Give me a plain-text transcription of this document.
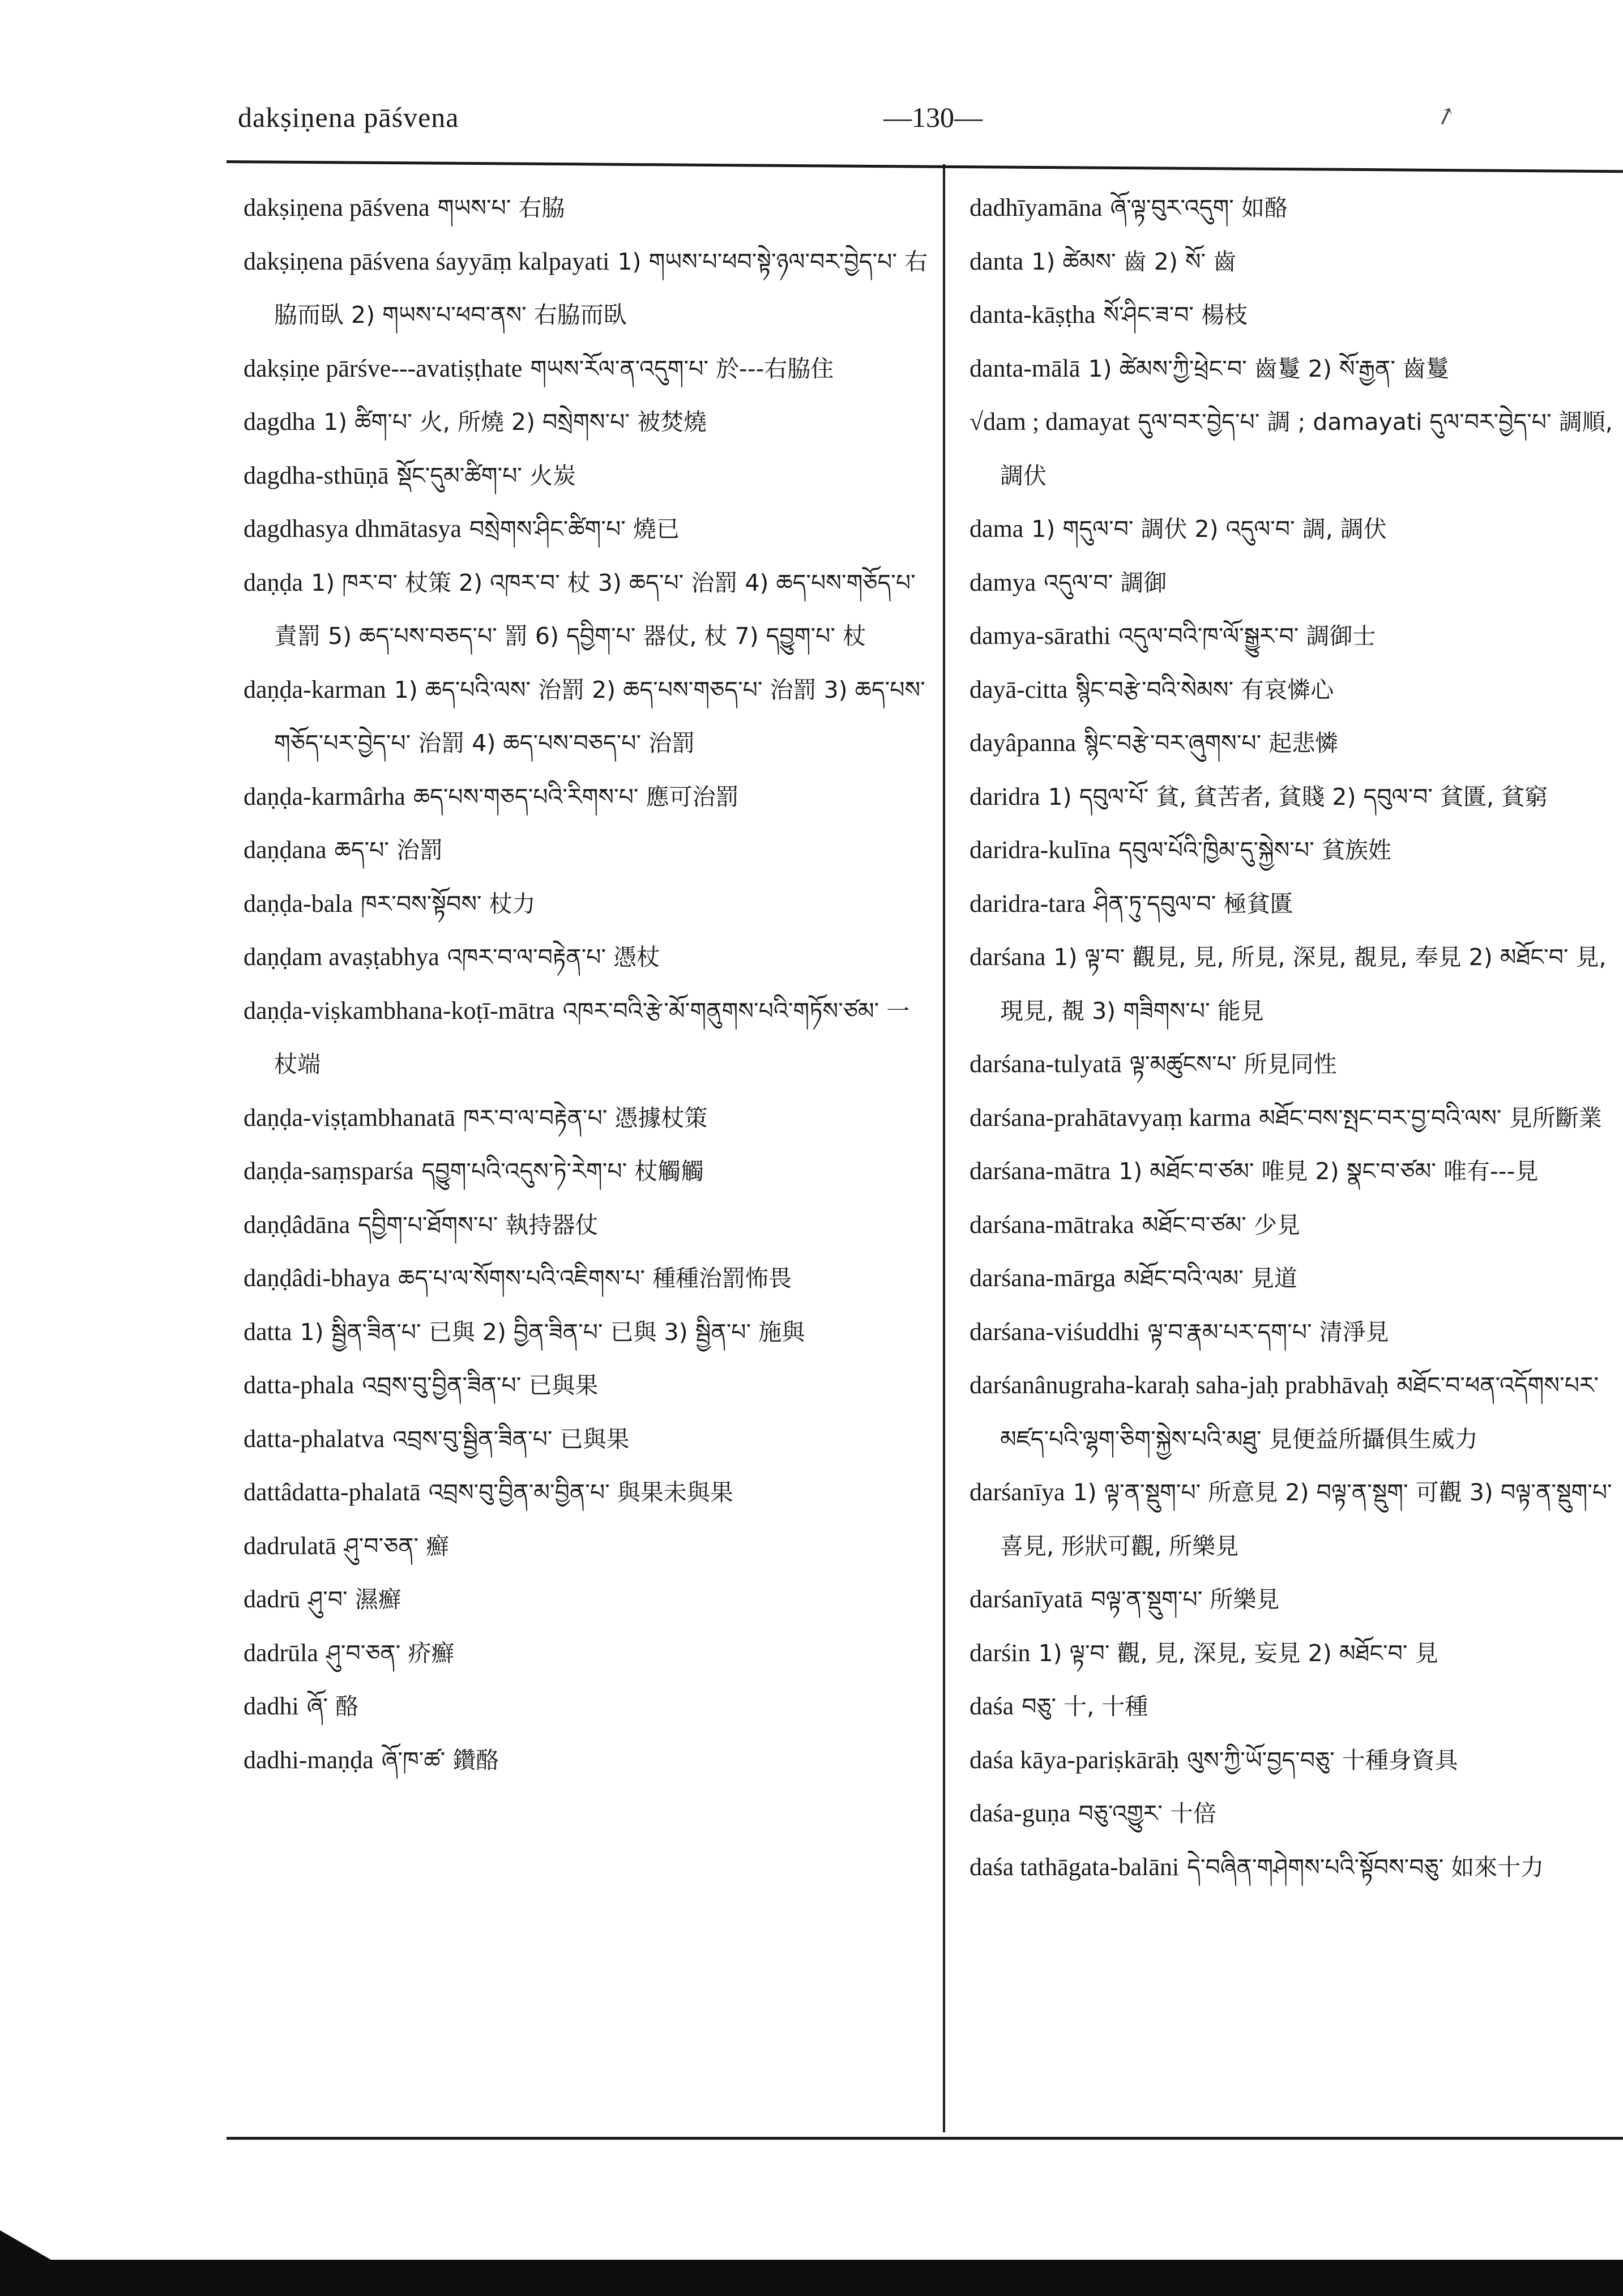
dakṣiṇena pāśvena	—130—	↗

dakṣiṇena pāśvena གཡས་པ་ 右脇

dakṣiṇena pāśvena śayyāṃ kalpayati 1) གཡས་པ་ཕབ་སྟེ་ཉལ་བར་བྱེད་པ་ 右脇而臥 2) གཡས་པ་ཕབ་ནས་ 右脇而臥

dakṣiṇe pārśve---avatiṣṭhate གཡས་རོལ་ན་འདུག་པ་ 於---右脇住

dagdha 1) ཚིག་པ་ 火, 所燒 2) བསྲེགས་པ་ 被焚燒

dagdha-sthūṇā སྡོང་དུམ་ཚིག་པ་ 火炭

dagdhasya dhmātasya བསྲེགས་ཤིང་ཚིག་པ་ 燒已

daṇḍa 1) ཁར་བ་ 杖策 2) འཁར་བ་ 杖 3) ཆད་པ་ 治罰 4) ཆད་པས་གཅོད་པ་ 責罰 5) ཆད་པས་བཅད་པ་ 罰 6) དབྱིག་པ་ 器仗, 杖 7) དབྱུག་པ་ 杖

daṇḍa-karman 1) ཆད་པའི་ལས་ 治罰 2) ཆད་པས་གཅད་པ་ 治罰 3) ཆད་པས་གཅོད་པར་བྱེད་པ་ 治罰 4) ཆད་པས་བཅད་པ་ 治罰

daṇḍa-karmârha ཆད་པས་གཅད་པའི་རིགས་པ་ 應可治罰

daṇḍana ཆད་པ་ 治罰

daṇḍa-bala ཁར་བས་སྟོབས་ 杖力

daṇḍam avaṣṭabhya འཁར་བ་ལ་བརྟེན་པ་ 憑杖

daṇḍa-viṣkambhana-koṭī-mātra འཁར་བའི་རྩེ་མོ་གནུགས་པའི་གཏོས་ཙམ་ 一杖端

daṇḍa-viṣṭambhanatā ཁར་བ་ལ་བརྟེན་པ་ 憑據杖策

daṇḍa-saṃsparśa དབྱུག་པའི་འདུས་ཏེ་རེག་པ་ 杖觸觸

daṇḍâdāna དབྱིག་པ་ཐོགས་པ་ 執持器仗

daṇḍâdi-bhaya ཆད་པ་ལ་སོགས་པའི་འཇིགས་པ་ 種種治罰怖畏

datta 1) སྦྱིན་ཟིན་པ་ 已與 2) བྱིན་ཟིན་པ་ 已與 3) སྦྱིན་པ་ 施與

datta-phala འབྲས་བུ་བྱིན་ཟིན་པ་ 已與果

datta-phalatva འབྲས་བུ་སྦྱིན་ཟིན་པ་ 已與果

dattâdatta-phalatā འབྲས་བུ་བྱིན་མ་བྱིན་པ་ 與果未與果

dadrulatā ཤུ་བ་ཅན་ 癬

dadrū ཤུ་བ་ 濕癬

dadrūla ཤུ་བ་ཅན་ 疥癬

dadhi ཞོ་ 酪

dadhi-maṇḍa ཞོ་ཁ་ཚ་ 鑽酪

dadhīyamāna ཞོ་ལྟ་བུར་འདུག་ 如酪

danta 1) ཚེམས་ 齒 2) སོ་ 齒

danta-kāṣṭha སོ་ཤིང་ཟ་བ་ 楊枝

danta-mālā 1) ཚེམས་ཀྱི་ཕྲེང་བ་ 齒鬘 2) སོ་རྒྱན་ 齒鬘

√dam ; damayat དུལ་བར་བྱེད་པ་ 調 ; damayati དུལ་བར་བྱེད་པ་ 調順, 調伏

dama 1) གདུལ་བ་ 調伏 2) འདུལ་བ་ 調, 調伏

damya འདུལ་བ་ 調御

damya-sārathi འདུལ་བའི་ཁ་ལོ་སྒྱུར་བ་ 調御士

dayā-citta སྙིང་བརྩེ་བའི་སེམས་ 有哀憐心

dayâpanna སྙིང་བརྩེ་བར་ཞུགས་པ་ 起悲憐

daridra 1) དབུལ་པོ་ 貧, 貧苦者, 貧賤 2) དབུལ་བ་ 貧匱, 貧窮

daridra-kulīna དབུལ་པོའི་ཁྱིམ་དུ་སྐྱེས་པ་ 貧族姓

daridra-tara ཤིན་ཏུ་དབུལ་བ་ 極貧匱

darśana 1) ལྟ་བ་ 觀見, 見, 所見, 深見, 覩見, 奉見 2) མཐོང་བ་ 見, 現見, 覩 3) གཟིགས་པ་ 能見

darśana-tulyatā ལྟ་མཚུངས་པ་ 所見同性

darśana-prahātavyaṃ karma མཐོང་བས་སྤང་བར་བྱ་བའི་ལས་ 見所斷業

darśana-mātra 1) མཐོང་བ་ཙམ་ 唯見 2) སྣང་བ་ཙམ་ 唯有---見

darśana-mātraka མཐོང་བ་ཙམ་ 少見

darśana-mārga མཐོང་བའི་ལམ་ 見道

darśana-viśuddhi ལྟ་བ་རྣམ་པར་དག་པ་ 清淨見

darśanânugraha-karaḥ saha-jaḥ prabhāvaḥ མཐོང་བ་ཕན་འདོགས་པར་མཛད་པའི་ལྷག་ཅིག་སྐྱེས་པའི་མཐུ་ 見便益所攝俱生威力

darśanīya 1) ལྟ་ན་སྡུག་པ་ 所意見 2) བལྟ་ན་སྡུག་ 可觀 3) བལྟ་ན་སྡུག་པ་ 喜見, 形狀可觀, 所樂見

darśanīyatā བལྟ་ན་སྡུག་པ་ 所樂見

darśin 1) ལྟ་བ་ 觀, 見, 深見, 妄見 2) མཐོང་བ་ 見

daśa བཅུ་ 十, 十種

daśa kāya-pariṣkārāḥ ལུས་ཀྱི་ཡོ་བྱད་བཅུ་ 十種身資具

daśa-guṇa བཅུ་འགྱུར་ 十倍

daśa tathāgata-balāni དེ་བཞིན་གཤེགས་པའི་སྟོབས་བཅུ་ 如來十力
